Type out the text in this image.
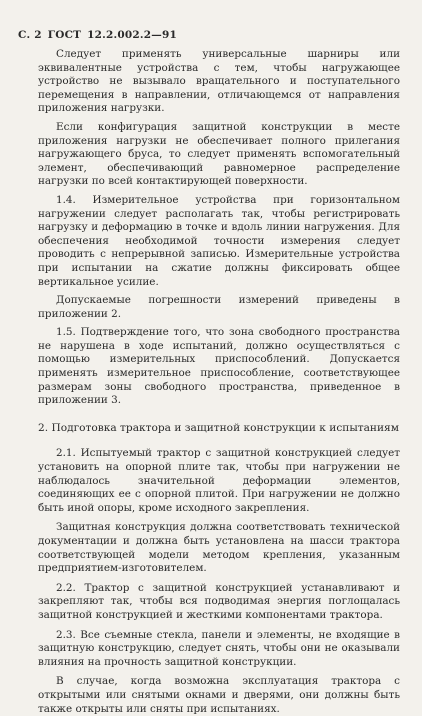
С. 2 ГОСТ 12.2.002.2—91

Следует применять универсальные шарниры или эквивалентные устройства с тем, чтобы нагружающее устройство не вызывало вращательного и поступательного перемещения в направлении, отличающемся от направления приложения нагрузки.

Если конфигурация защитной конструкции в месте приложения нагрузки не обеспечивает полного прилегания нагружающего бруса, то следует применять вспомогательный элемент, обеспечивающий равномерное распределение нагрузки по всей контактирующей поверхности.

1.4. Измерительное устройства при горизонтальном нагружении следует располагать так, чтобы регистрировать нагрузку и деформацию в точке и вдоль линии нагружения. Для обеспечения необходимой точности измерения следует проводить с непрерывной записью. Измерительные устройства при испытании на сжатие должны фиксировать общее вертикальное усилие.

Допускаемые погрешности измерений приведены в приложении 2.

1.5. Подтверждение того, что зона свободного пространства не нарушена в ходе испытаний, должно осуществляться с помощью измерительных приспособлений. Допускается применять измерительное приспособление, соответствующее размерам зоны свободного пространства, приведенное в приложении 3.

2. Подготовка трактора и защитной конструкции к испытаниям

2.1. Испытуемый трактор с защитной конструкцией следует установить на опорной плите так, чтобы при нагружении не наблюдалось значительной деформации элементов, соединяющих ее с опорной плитой. При нагружении не должно быть иной опоры, кроме исходного закрепления.

Защитная конструкция должна соответствовать технической документации и должна быть установлена на шасси трактора соответствующей модели методом крепления, указанным предприятием-изготовителем.

2.2. Трактор с защитной конструкцией устанавливают и закрепляют так, чтобы вся подводимая энергия поглощалась защитной конструкцией и жесткими компонентами трактора.

2.3. Все съемные стекла, панели и элементы, не входящие в защитную конструкцию, следует снять, чтобы они не оказывали влияния на прочность защитной конструкции.

В случае, когда возможна эксплуатация трактора с открытыми или снятыми окнами и дверями, они должны быть также открыты или сняты при испытаниях.
